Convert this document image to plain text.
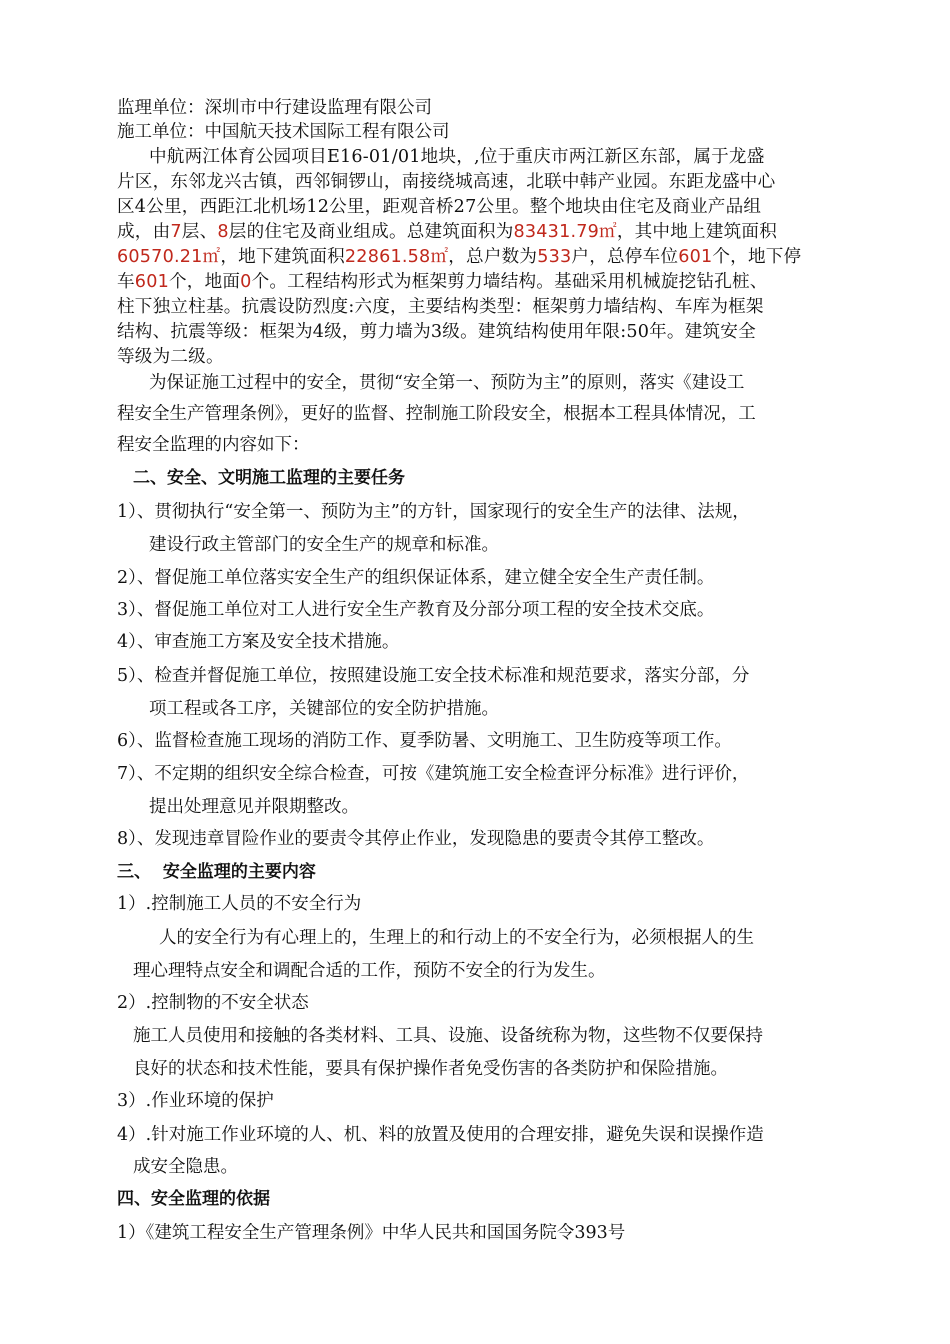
监理单位：深圳市中行建设监理有限公司
施工单位：中国航天技术国际工程有限公司
中航两江体育公园项目E16-01/01地块，,位于重庆市两江新区东部，属于龙盛
片区，东邻龙兴古镇，西邻铜锣山，南接绕城高速，北联中韩产业园。东距龙盛中心
区4公里，西距江北机场12公里，距观音桥27公里。整个地块由住宅及商业产品组
成，由7层、8层的住宅及商业组成。总建筑面积为83431.79㎡，其中地上建筑面积
60570.21㎡，地下建筑面积22861.58㎡，总户数为533户，总停车位601个，地下停
车601个，地面0个。工程结构形式为框架剪力墙结构。基础采用机械旋挖钻孔桩、
柱下独立柱基。抗震设防烈度:六度，主要结构类型：框架剪力墙结构、车库为框架
结构、抗震等级：框架为4级，剪力墙为3级。建筑结构使用年限:50年。建筑安全
等级为二级。
为保证施工过程中的安全，贯彻“安全第一、预防为主”的原则，落实《建设工
程安全生产管理条例》，更好的监督、控制施工阶段安全，根据本工程具体情况，工
程安全监理的内容如下：
二、安全、文明施工监理的主要任务
1）、贯彻执行“安全第一、预防为主”的方针，国家现行的安全生产的法律、法规，
建设行政主管部门的安全生产的规章和标准。
2）、督促施工单位落实安全生产的组织保证体系，建立健全安全生产责任制。
3）、督促施工单位对工人进行安全生产教育及分部分项工程的安全技术交底。
4）、审查施工方案及安全技术措施。
5）、检查并督促施工单位，按照建设施工安全技术标准和规范要求，落实分部，分
项工程或各工序，关键部位的安全防护措施。
6）、监督检查施工现场的消防工作、夏季防暑、文明施工、卫生防疫等项工作。
7）、不定期的组织安全综合检查，可按《建筑施工安全检查评分标准》进行评价，
提出处理意见并限期整改。
8）、发现违章冒险作业的要责令其停止作业，发现隐患的要责令其停工整改。
三、  安全监理的主要内容
1）.控制施工人员的不安全行为
人的安全行为有心理上的，生理上的和行动上的不安全行为，必须根据人的生
理心理特点安全和调配合适的工作，预防不安全的行为发生。
2）.控制物的不安全状态
施工人员使用和接触的各类材料、工具、设施、设备统称为物，这些物不仅要保持
良好的状态和技术性能，要具有保护操作者免受伤害的各类防护和保险措施。
3）.作业环境的保护
4）.针对施工作业环境的人、机、料的放置及使用的合理安排，避免失误和误操作造
成安全隐患。
四、安全监理的依据
1）《建筑工程安全生产管理条例》中华人民共和国国务院令393号
